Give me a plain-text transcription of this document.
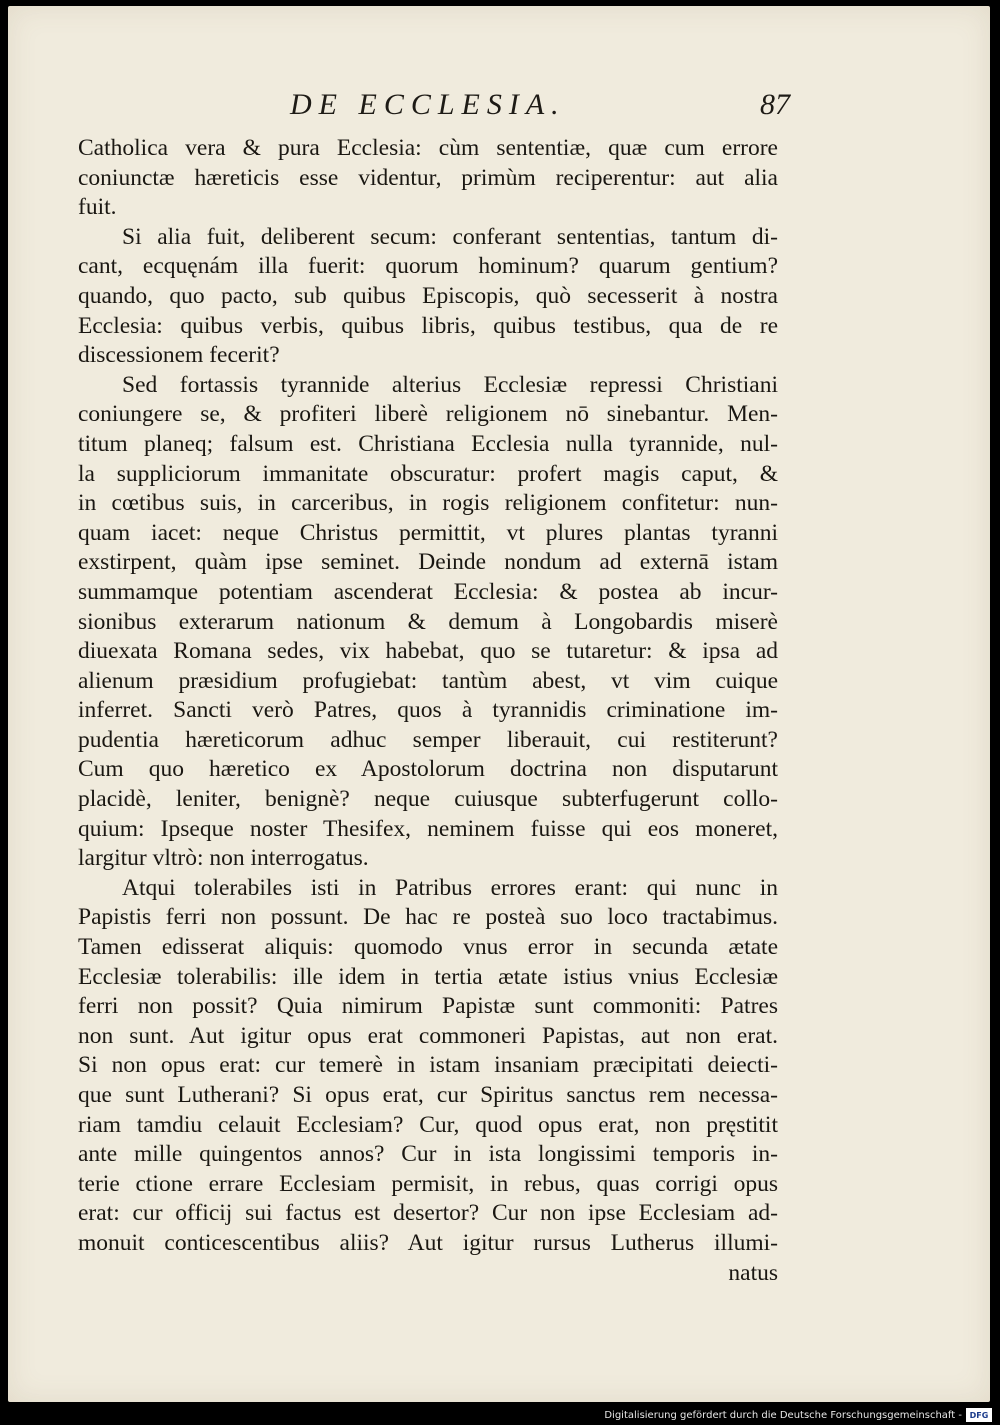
DE ECCLESIA.	87
Catholica vera & pura Ecclesia: cùm sententiæ, quæ cum errore
coniunctæ hæreticis esse videntur, primùm reciperentur: aut alia
fuit.
Si alia fuit, deliberent secum: conferant sententias, tantum di-
cant, ecquęnám illa fuerit: quorum hominum? quarum gentium?
quando, quo pacto, sub quibus Episcopis, quò secesserit à nostra
Ecclesia: quibus verbis, quibus libris, quibus testibus, qua de re
discessionem fecerit?
Sed fortassis tyrannide alterius Ecclesiæ repressi Christiani
coniungere se, & profiteri liberè religionem nō sinebantur. Men-
titum planeq; falsum est. Christiana Ecclesia nulla tyrannide, nul-
la suppliciorum immanitate obscuratur: profert magis caput, &
in cœtibus suis, in carceribus, in rogis religionem confitetur: nun-
quam iacet: neque Christus permittit, vt plures plantas tyranni
exstirpent, quàm ipse seminet. Deinde nondum ad externā istam
summamque potentiam ascenderat Ecclesia: & postea ab incur-
sionibus exterarum nationum & demum à Longobardis miserè
diuexata Romana sedes, vix habebat, quo se tutaretur: & ipsa ad
alienum præsidium profugiebat: tantùm abest, vt vim cuique
inferret. Sancti verò Patres, quos à tyrannidis criminatione im-
pudentia hæreticorum adhuc semper liberauit, cui restiterunt?
Cum quo hæretico ex Apostolorum doctrina non disputarunt
placidè, leniter, benignè? neque cuiusque subterfugerunt collo-
quium: Ipseque noster Thesifex, neminem fuisse qui eos moneret,
largitur vltrò: non interrogatus.
Atqui tolerabiles isti in Patribus errores erant: qui nunc in
Papistis ferri non possunt. De hac re posteà suo loco tractabimus.
Tamen edisserat aliquis: quomodo vnus error in secunda ætate
Ecclesiæ tolerabilis: ille idem in tertia ætate istius vnius Ecclesiæ
ferri non possit? Quia nimirum Papistæ sunt commoniti: Patres
non sunt. Aut igitur opus erat commoneri Papistas, aut non erat.
Si non opus erat: cur temerè in istam insaniam præcipitati deiecti-
que sunt Lutherani? Si opus erat, cur Spiritus sanctus rem necessa-
riam tamdiu celauit Ecclesiam? Cur, quod opus erat, non pręstitit
ante mille quingentos annos? Cur in ista longissimi temporis in-
terie ctione errare Ecclesiam permisit, in rebus, quas corrigi opus
erat: cur officij sui factus est desertor? Cur non ipse Ecclesiam ad-
monuit conticescentibus aliis? Aut igitur rursus Lutherus illumi-
natus
Digitalisierung gefördert durch die Deutsche Forschungsgemeinschaft - DFG
